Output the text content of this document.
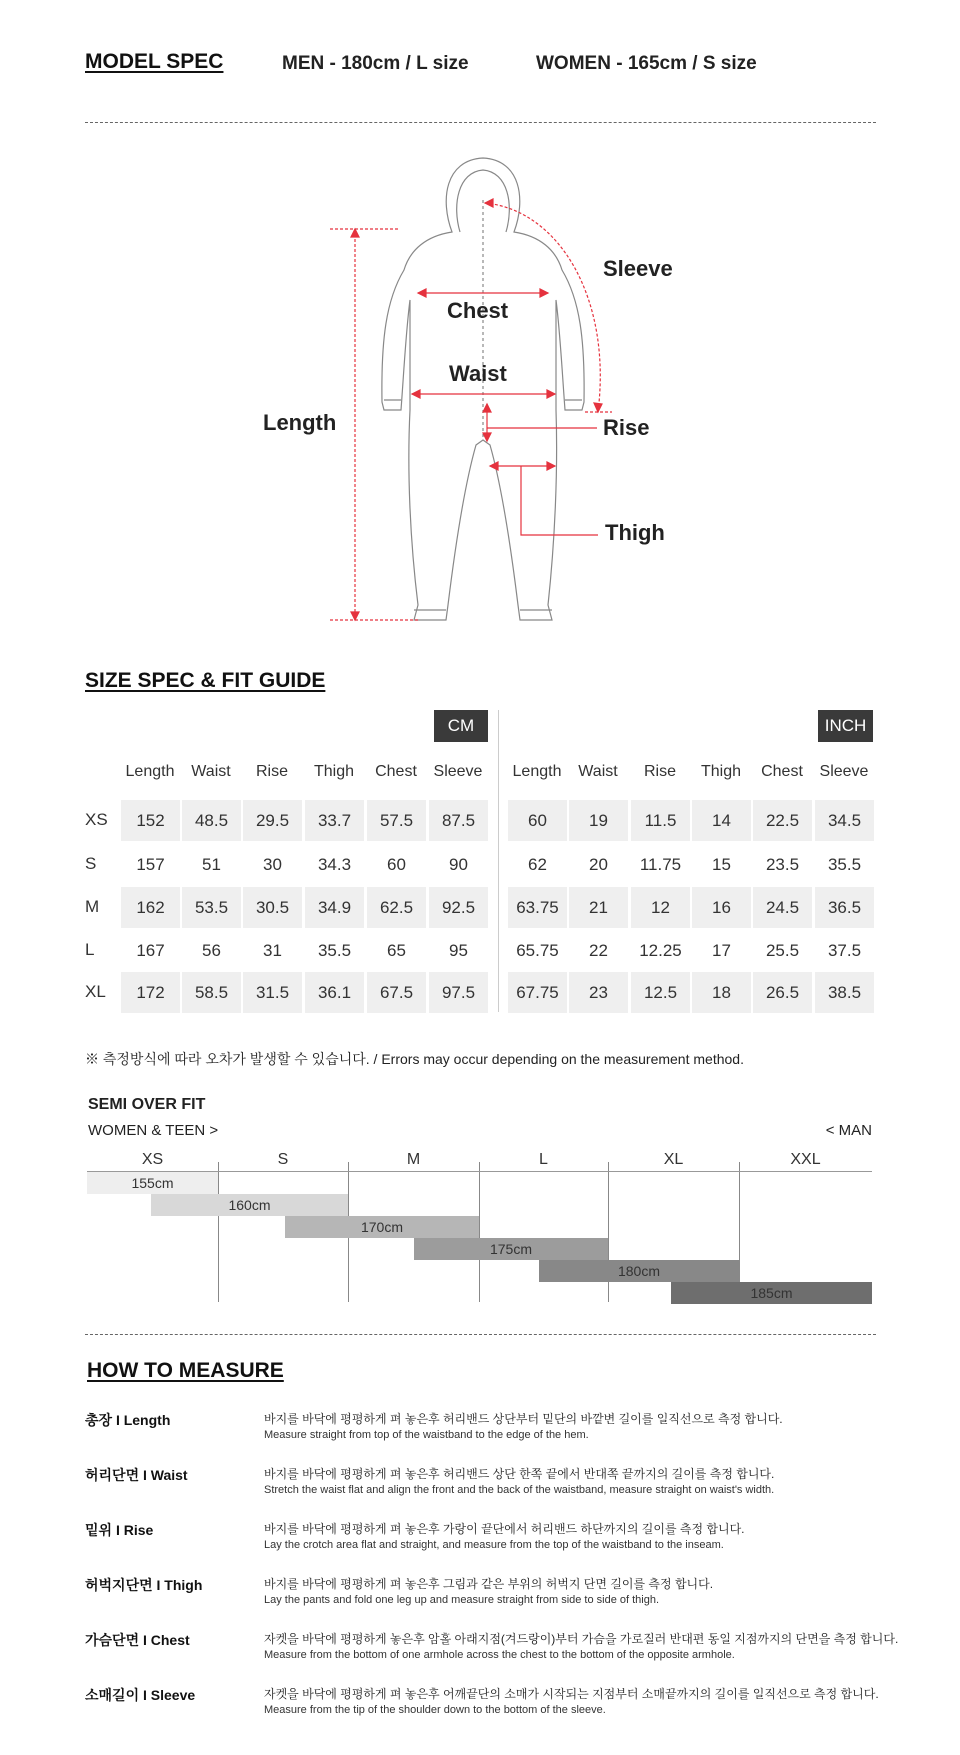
MODEL SPEC	MEN - 180cm / L size	WOMEN - 165cm / S size
Sleeve
Chest
Waist
Length	Rise
Thigh
SIZE SPEC & FIT GUIDE
CM	INCH
Length	Length
Waist	Waist
Rise	Rise
Thigh	Thigh
Chest	Chest
Sleeve	Sleeve
XS	152	48.5	29.5	33.7	57.5	87.5	60	19	11.5	14	22.5	34.5
S	157	51	30	34.3	60	90	62	20	11.75	15	23.5	35.5
M	162	53.5	30.5	34.9	62.5	92.5	63.75	21	12	16	24.5	36.5
L	167	56	31	35.5	65	95	65.75	22	12.25	17	25.5	37.5
XL	172	58.5	31.5	36.1	67.5	97.5	67.75	23	12.5	18	26.5	38.5
※ 측정방식에 따라 오차가 발생할 수 있습니다. / Errors may occur depending on the measurement method.
SEMI OVER FIT
WOMEN & TEEN >	< MAN
XS	S	M	L	XL	XXL
155cm
160cm
170cm
175cm
180cm
185cm
HOW TO MEASURE
총장 I Length	바지를 바닥에 평평하게 펴 놓은후 허리밴드 상단부터 밑단의 바깥변 길이를 일직선으로 측정 합니다.
Measure straight from top of the waistband to the edge of the hem.
허리단면 I Waist	바지를 바닥에 평평하게 펴 놓은후 허리밴드 상단 한쪽 끝에서 반대쪽 끝까지의 길이를 측정 합니다.
Stretch the waist flat and align the front and the back of the waistband, measure straight on waist's width.
밑위 I Rise	바지를 바닥에 평평하게 펴 놓은후 가랑이 끝단에서 허리밴드 하단까지의 길이를 측정 합니다.
Lay the crotch area flat and straight, and measure from the top of the waistband to the inseam.
허벅지단면 I Thigh	바지를 바닥에 평평하게 펴 놓은후 그림과 같은 부위의 허벅지 단면 길이를 측정 합니다.
Lay the pants and fold one leg up and measure straight from side to side of thigh.
가슴단면 I Chest	자켓을 바닥에 평평하게 놓은후 암홀 아래지점(겨드랑이)부터 가슴을 가로질러 반대편 동일 지점까지의 단면을 측정 합니다.
Measure from the bottom of one armhole across the chest to the bottom of the opposite armhole.
소매길이 I Sleeve	자켓을 바닥에 평평하게 펴 놓은후 어깨끝단의 소매가 시작되는 지점부터 소매끝까지의 길이를 일직선으로 측정 합니다.
Measure from the tip of the shoulder down to the bottom of the sleeve.
